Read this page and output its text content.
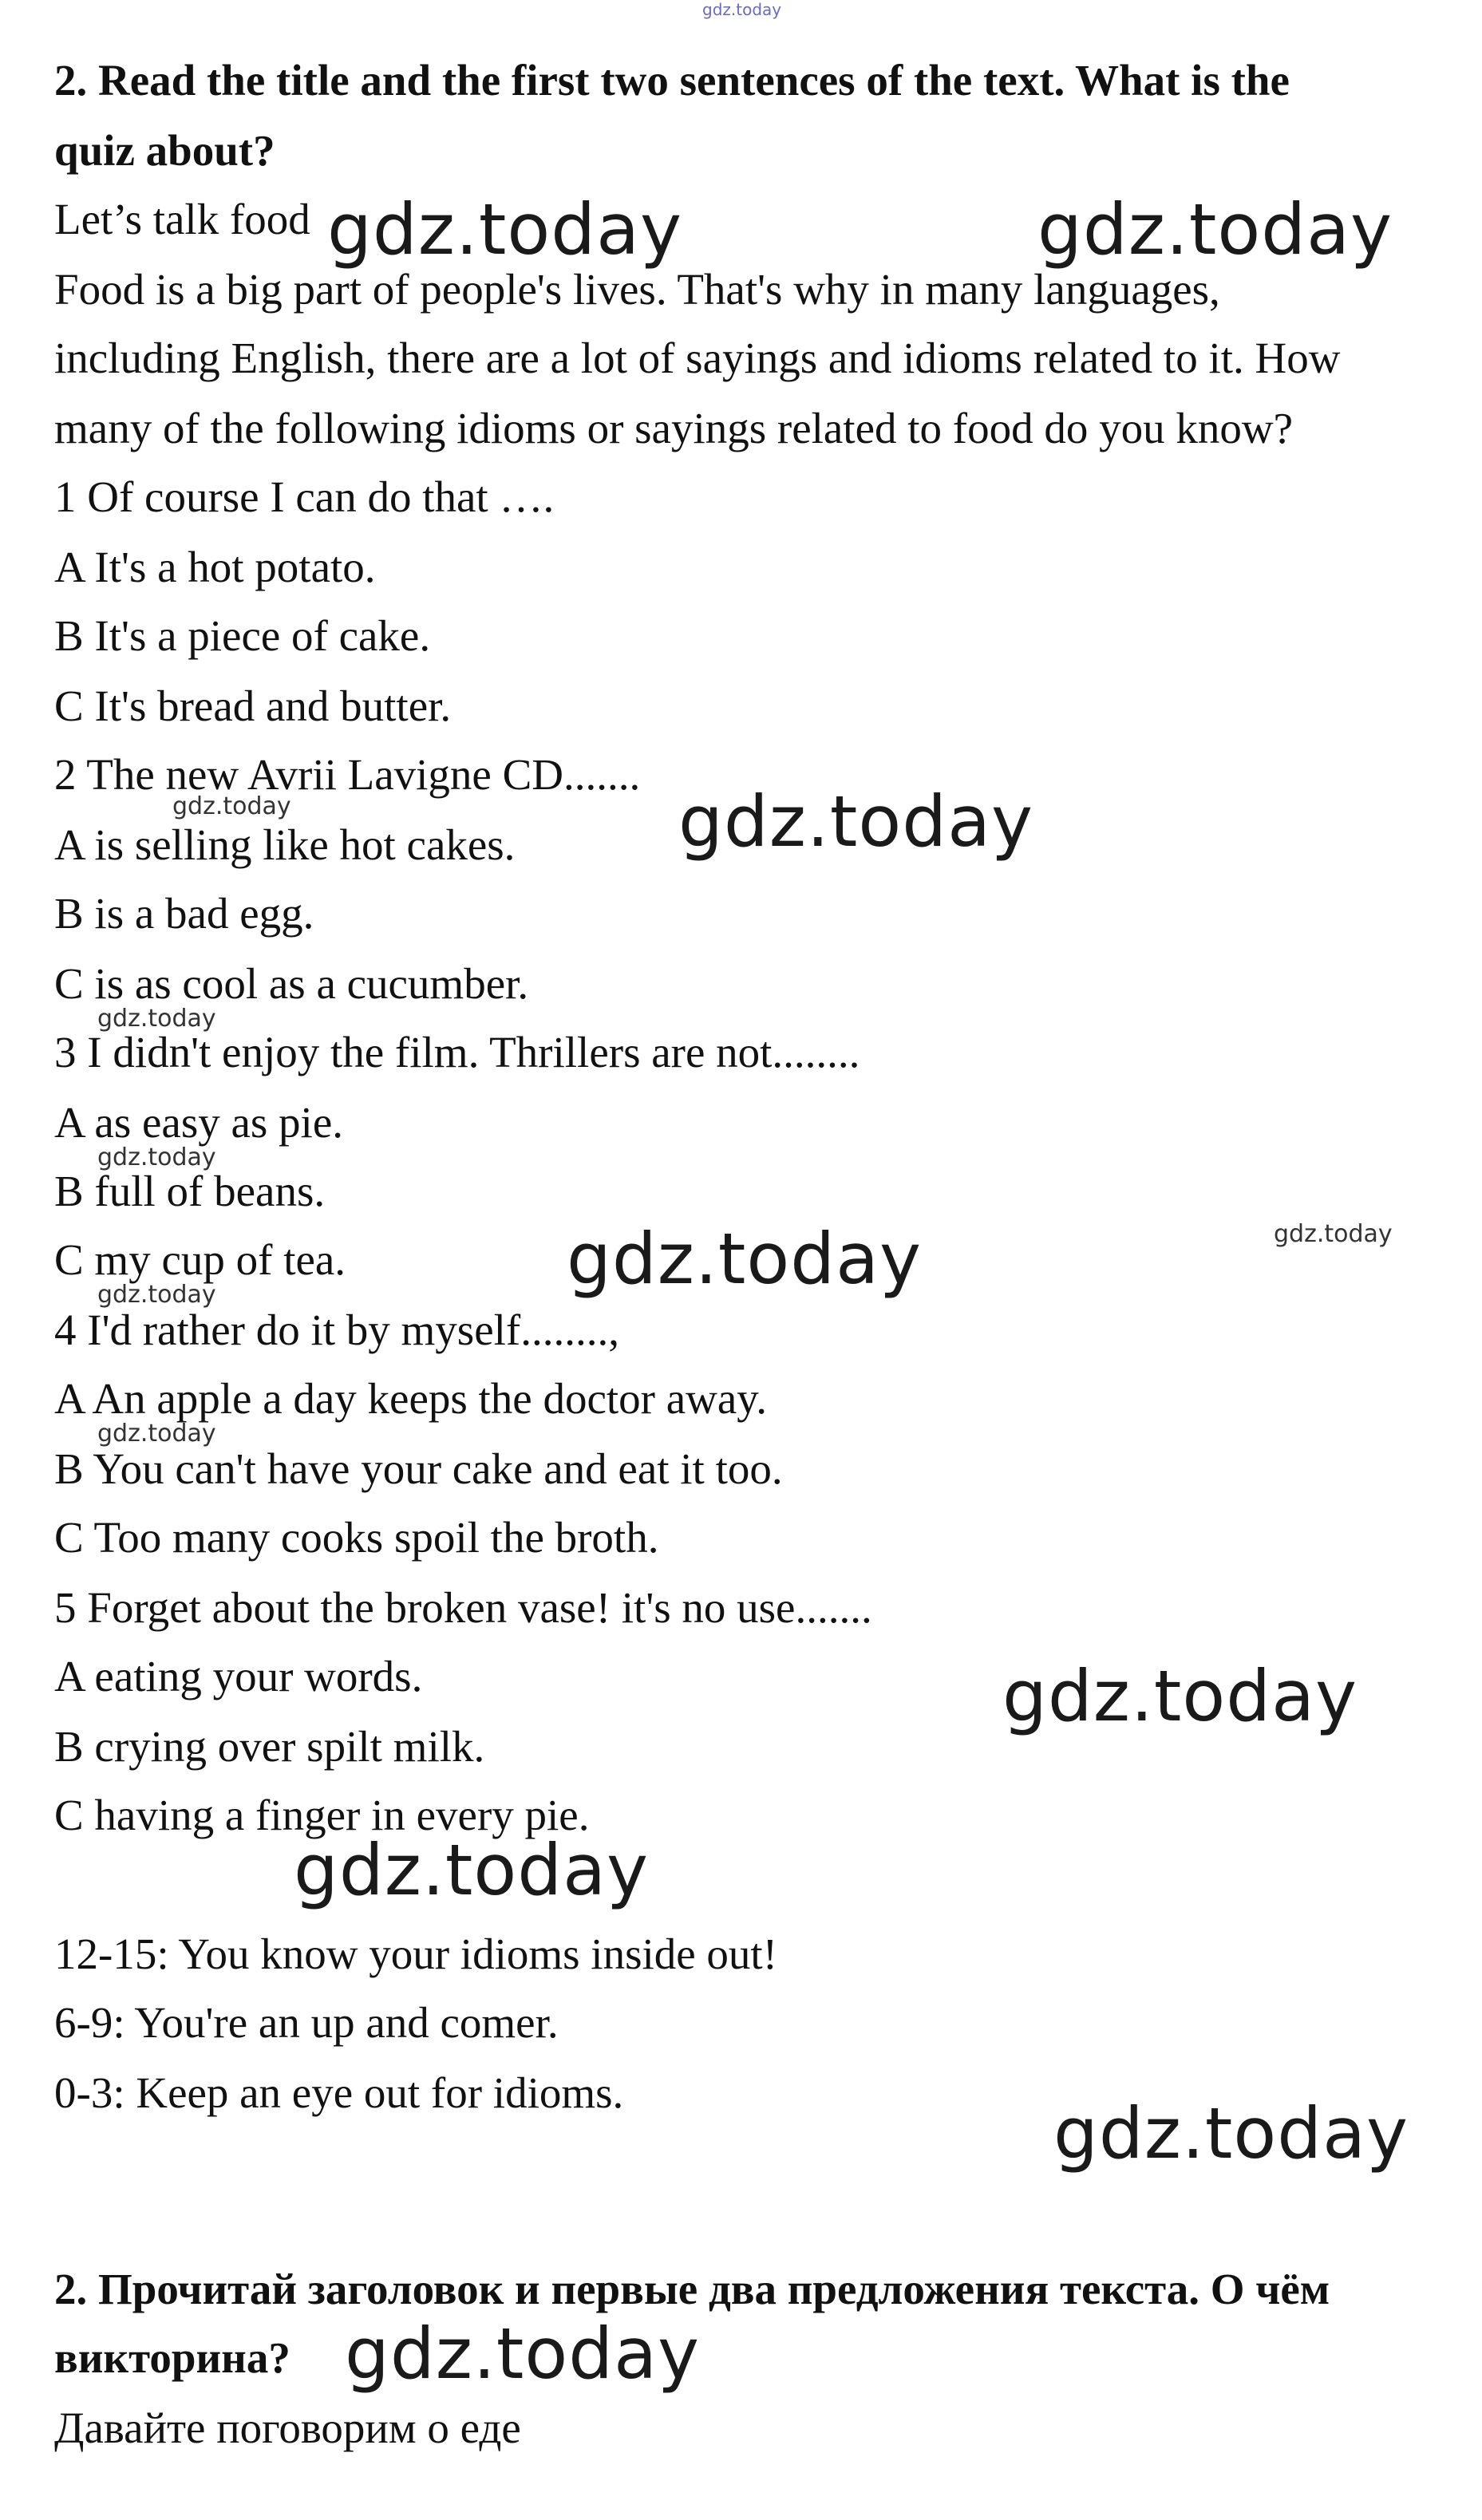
gdz.today
2. Read the title and the first two sentences of the text. What is the
quiz about?
Let’s talk food
Food is a big part of people's lives. That's why in many languages,
including English, there are a lot of sayings and idioms related to it. How
many of the following idioms or sayings related to food do you know?
1 Of course I can do that ….
A It's a hot potato.
B It's a piece of cake.
C It's bread and butter.
2 The new Avrii Lavigne CD.......
A is selling like hot cakes.
B is a bad egg.
C is as cool as a cucumber.
3 I didn't enjoy the film. Thrillers are not........
A as easy as pie.
B full of beans.
C my cup of tea.
4 I'd rather do it by myself........,
A An apple a day keeps the doctor away.
B You can't have your cake and eat it too.
C Too many cooks spoil the broth.
5 Forget about the broken vase! it's no use.......
A eating your words.
B crying over spilt milk.
C having a finger in every pie.
12-15: You know your idioms inside out!
6-9: You're an up and comer.
0-3: Keep an eye out for idioms.
2. Прочитай заголовок и первые два предложения текста. О чём
викторина?
Давайте поговорим о еде
gdz.today	gdz.today
gdz.today
gdz.today
gdz.today
gdz.today
gdz.today
gdz.today
gdz.today
gdz.today
gdz.today
gdz.today
gdz.today
gdz.today
